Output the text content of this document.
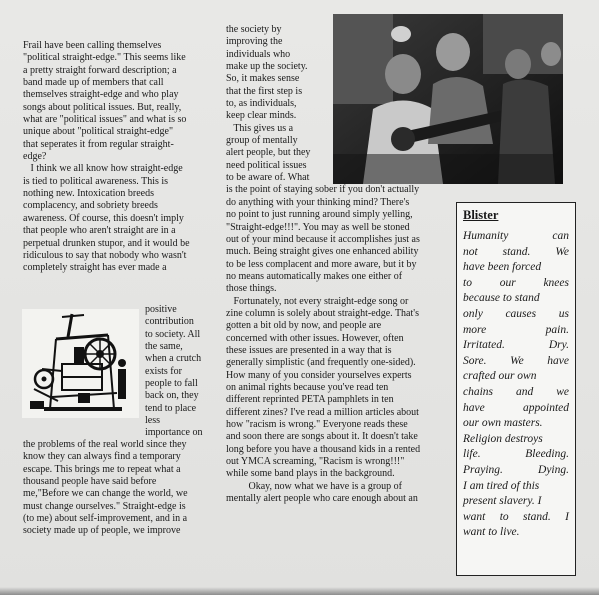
Frail have been calling themselves
"political straight-edge." This seems like
a pretty straight forward description; a
band made up of members that call
themselves straight-edge and who play
songs about political issues. But, really,
what are "political issues" and what is so
unique about "political straight-edge"
that seperates it from regular straight-
edge?
I think we all know how straight-edge
is tied to political awareness. This is
nothing new. Intoxication breeds
complacency, and sobriety breeds
awareness. Of course, this doesn't imply
that people who aren't straight are in a
perpetual drunken stupor, and it would be
ridiculous to say that nobody who wasn't
completely straight has ever made a
positive
contribution
to society. All
the same,
when a crutch
exists for
people to fall
back on, they
tend to place
less
importance on
the problems of the real world since they
know they can always find a temporary
escape. This brings me to repeat what a
thousand people have said before
me,"Before we can change the world, we
must change ourselves." Straight-edge is
(to me) about self-improvement, and in a
society made up of people, we improve
the society by
improving the
individuals who
make up the society.
So, it makes sense
that the first step is
to, as individuals,
keep clear minds.
This gives us a
group of mentally
alert people, but they
need political issues
to be aware of. What
is the point of staying sober if you don't actually
do anything with your thinking mind? There's
no point to just running around simply yelling,
"Straight-edge!!!". You may as well be stoned
out of your mind because it accomplishes just as
much. Being straight gives one enhanced ability
to be less complacent and more aware, but it by
no means automatically makes one either of
those things.
Fortunately, not every straight-edge song or
zine column is solely about straight-edge. That's
gotten a bit old by now, and people are
concerned with other issues. However, often
these issues are presented in a way that is
generally simplistic (and frequently one-sided).
How many of you consider yourselves experts
on animal rights because you've read ten
different reprinted PETA pamphlets in ten
different zines? I've read a million articles about
how "racism is wrong." Everyone reads these
and soon there are songs about it. It doesn't take
long before you have a thousand kids in a rented
out YMCA screaming, "Racism is wrong!!!"
while some band plays in the background.
Okay, now what we have is a group of
mentally alert people who care enough about an

Blister

Humanity	can
not stand. We
have been forced
to our knees
because to stand
only causes us
more	pain.
Irritated.	Dry.
Sore. We have
crafted our own
chains and we
have	appointed
our own masters.
Religion destroys
life.	Bleeding.
Praying.	Dying.
I am tired of this
present slavery. I
want to stand. I
want to live.
